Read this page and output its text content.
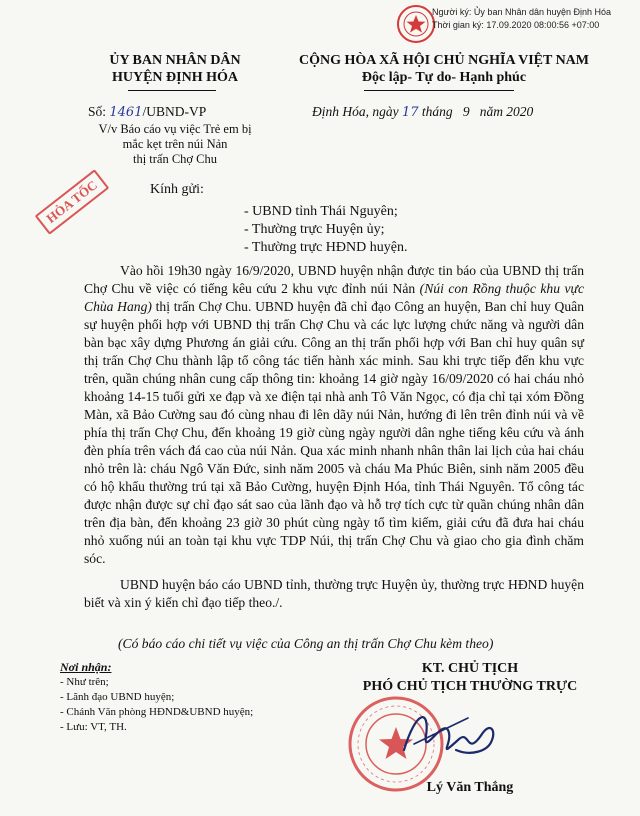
Người ký: Ủy ban Nhân dân huyện Định Hóa
Thời gian ký: 17.09.2020 08:00:56 +07:00
ỦY BAN NHÂN DÂN
HUYỆN ĐỊNH HÓA
CỘNG HÒA XÃ HỘI CHỦ NGHĨA VIỆT NAM
Độc lập- Tự do- Hạnh phúc
Số: 1461/UBND-VP
V/v Báo cáo vụ việc Trẻ em bị
mắc kẹt trên núi Nản
thị trấn Chợ Chu
Định Hóa, ngày 17 tháng 9 năm 2020
HỎA TỐC	Kính gửi:
- UBND tỉnh Thái Nguyên;
- Thường trực Huyện ủy;
- Thường trực HĐND huyện.

Vào hồi 19h30 ngày 16/9/2020, UBND huyện nhận được tin báo của UBND thị trấn Chợ Chu về việc có tiếng kêu cứu 2 khu vực đỉnh núi Nản (Núi con Rồng thuộc khu vực Chùa Hang) thị trấn Chợ Chu. UBND huyện đã chỉ đạo Công an huyện, Ban chỉ huy Quân sự huyện phối hợp với UBND thị trấn Chợ Chu và các lực lượng chức năng và người dân bàn bạc xây dựng Phương án giải cứu. Công an thị trấn phối hợp với Ban chỉ huy quân sự thị trấn Chợ Chu thành lập tổ công tác tiến hành xác minh. Sau khi trực tiếp đến khu vực trên, quần chúng nhân cung cấp thông tin: khoảng 14 giờ ngày 16/09/2020 có hai cháu nhỏ khoảng 14-15 tuổi gửi xe đạp và xe điện tại nhà anh Tô Văn Ngọc, có địa chỉ tại xóm Đồng Màn, xã Bảo Cường sau đó cùng nhau đi lên dãy núi Nản, hướng đi lên trên đỉnh núi và về phía thị trấn Chợ Chu, đến khoảng 19 giờ cùng ngày người dân nghe tiếng kêu cứu và ánh đèn phía trên vách đá cao của núi Nản. Qua xác minh nhanh nhân thân lai lịch của hai cháu nhỏ trên là: cháu Ngô Văn Đức, sinh năm 2005 và cháu Ma Phúc Biên, sinh năm 2005 đều có hộ khẩu thường trú tại xã Bảo Cường, huyện Định Hóa, tỉnh Thái Nguyên. Tổ công tác được nhận được sự chỉ đạo sát sao của lãnh đạo và hỗ trợ tích cực từ quần chúng nhân dân trên địa bàn, đến khoảng 23 giờ 30 phút cùng ngày tổ tìm kiếm, giải cứu đã đưa hai cháu nhỏ xuống núi an toàn tại khu vực TDP Núi, thị trấn Chợ Chu và giao cho gia đình chăm sóc.

UBND huyện báo cáo UBND tỉnh, thường trực Huyện ủy, thường trực HĐND huyện biết và xin ý kiến chỉ đạo tiếp theo./.

(Có báo cáo chi tiết vụ việc của Công an thị trấn Chợ Chu kèm theo)
Nơi nhận:
- Như trên;
- Lãnh đạo UBND huyện;
- Chánh Văn phòng HĐND&UBND huyện;
- Lưu: VT, TH.
KT. CHỦ TỊCH
PHÓ CHỦ TỊCH THƯỜNG TRỰC
Lý Văn Thắng
